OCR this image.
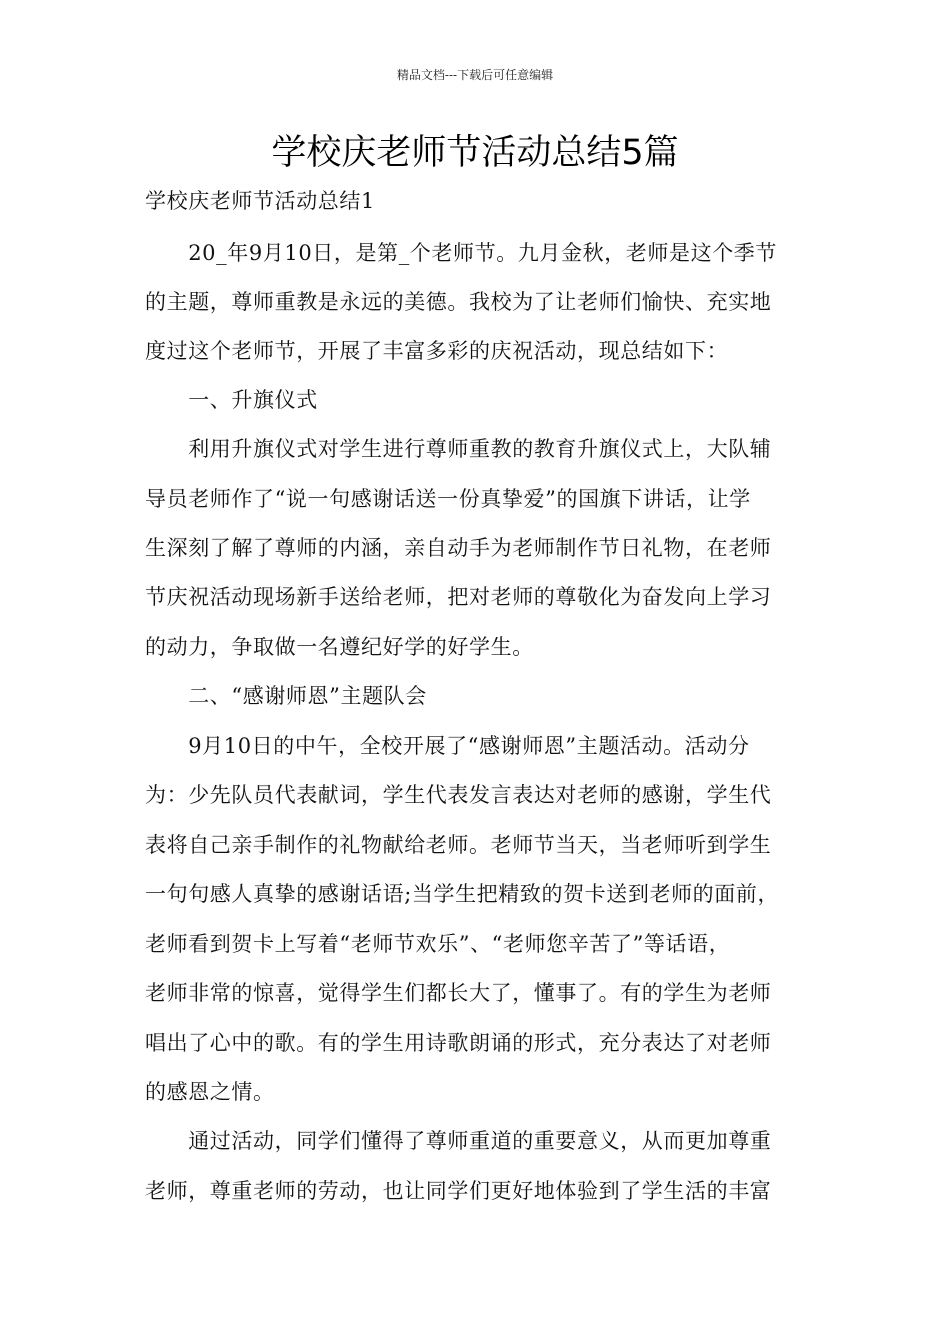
精品文档---下载后可任意编辑
学校庆老师节活动总结5篇
学校庆老师节活动总结1
　　20_年9月10日，是第_个老师节。九月金秋，老师是这个季节
的主题，尊师重教是永远的美德。我校为了让老师们愉快、充实地
度过这个老师节，开展了丰富多彩的庆祝活动，现总结如下：
　　一、升旗仪式
　　利用升旗仪式对学生进行尊师重教的教育升旗仪式上，大队辅
导员老师作了“说一句感谢话送一份真挚爱”的国旗下讲话，让学
生深刻了解了尊师的内涵，亲自动手为老师制作节日礼物，在老师
节庆祝活动现场新手送给老师，把对老师的尊敬化为奋发向上学习
的动力，争取做一名遵纪好学的好学生。
　　二、“感谢师恩”主题队会
　　9月10日的中午，全校开展了“感谢师恩”主题活动。活动分
为：少先队员代表献词，学生代表发言表达对老师的感谢，学生代
表将自己亲手制作的礼物献给老师。老师节当天，当老师听到学生
一句句感人真挚的感谢话语;当学生把精致的贺卡送到老师的面前，
老师看到贺卡上写着“老师节欢乐”、“老师您辛苦了”等话语，
老师非常的惊喜，觉得学生们都长大了，懂事了。有的学生为老师
唱出了心中的歌。有的学生用诗歌朗诵的形式，充分表达了对老师
的感恩之情。
　　通过活动，同学们懂得了尊师重道的重要意义，从而更加尊重
老师，尊重老师的劳动，也让同学们更好地体验到了学生活的丰富
